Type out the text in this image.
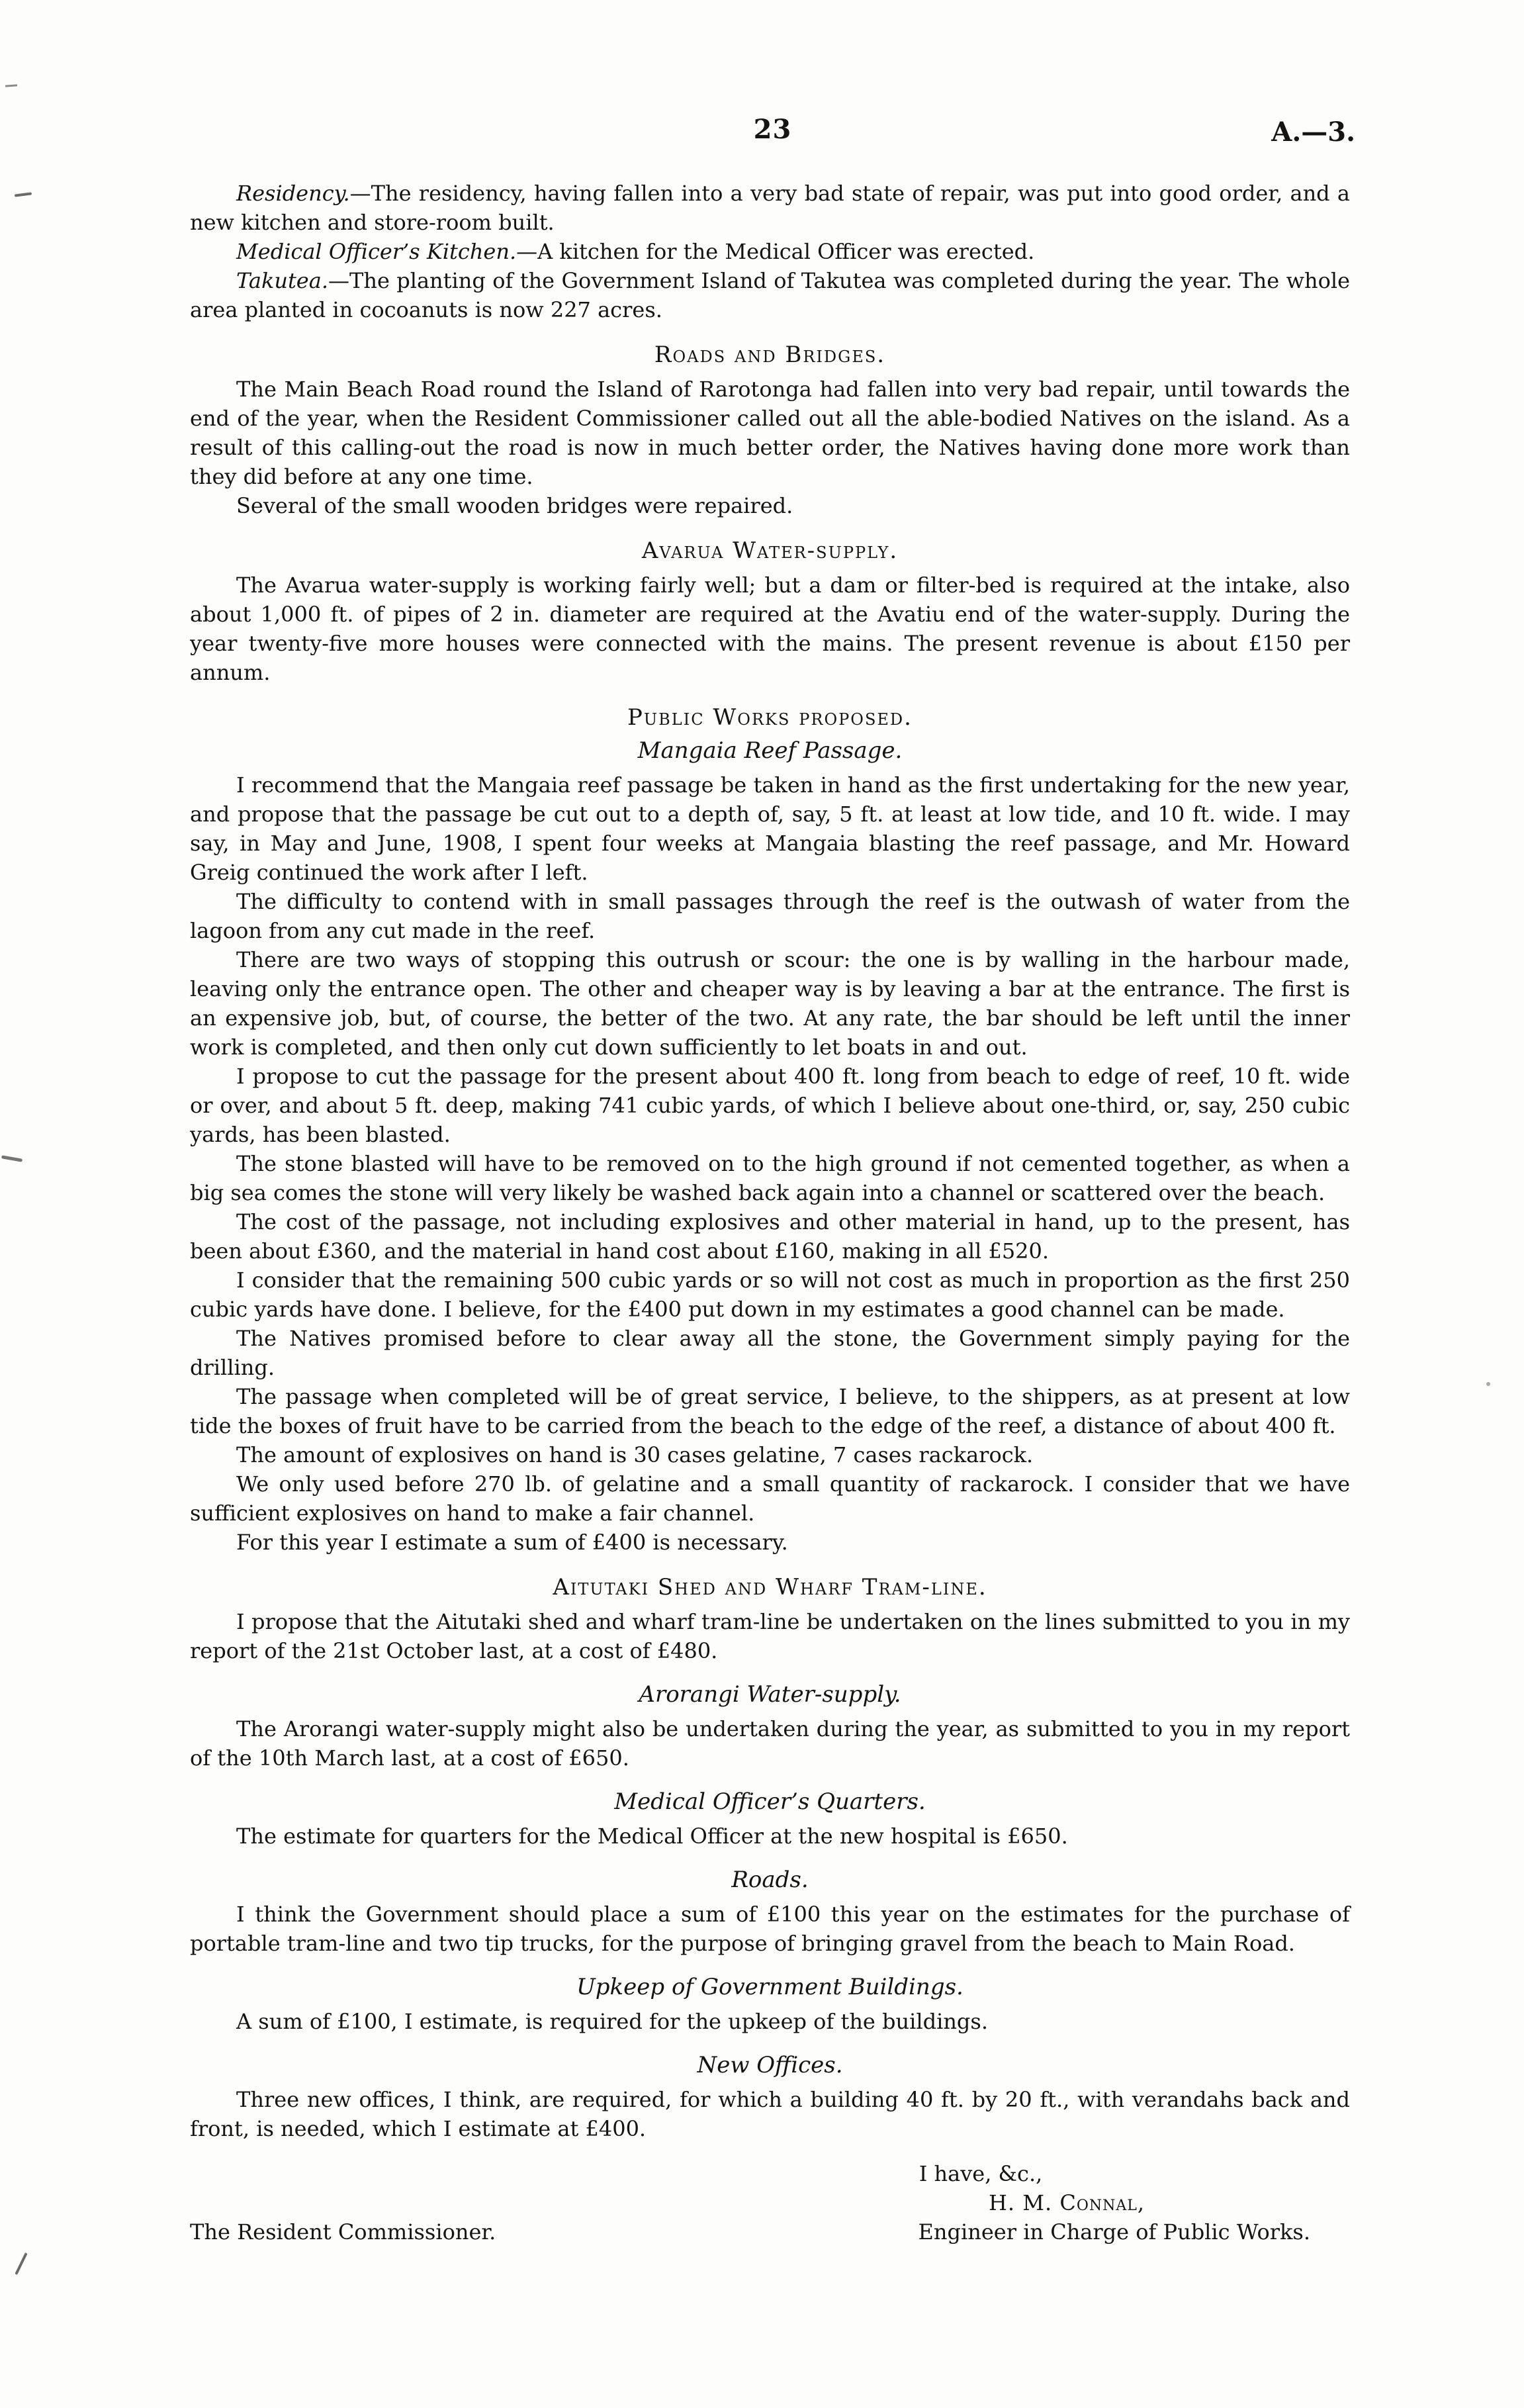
23	A.—3.

Residency.—The residency, having fallen into a very bad state of repair, was put into good order, and a new kitchen and store-room built.

Medical Officer’s Kitchen.—A kitchen for the Medical Officer was erected.

Takutea.—The planting of the Government Island of Takutea was completed during the year. The whole area planted in cocoanuts is now 227 acres.

Roads and Bridges.

The Main Beach Road round the Island of Rarotonga had fallen into very bad repair, until towards the end of the year, when the Resident Commissioner called out all the able-bodied Natives on the island. As a result of this calling-out the road is now in much better order, the Natives having done more work than they did before at any one time.

Several of the small wooden bridges were repaired.

Avarua Water-supply.

The Avarua water-supply is working fairly well; but a dam or filter-bed is required at the intake, also about 1,000 ft. of pipes of 2 in. diameter are required at the Avatiu end of the water-supply. During the year twenty-five more houses were connected with the mains. The present revenue is about £150 per annum.

Public Works proposed.

Mangaia Reef Passage.

I recommend that the Mangaia reef passage be taken in hand as the first undertaking for the new year, and propose that the passage be cut out to a depth of, say, 5 ft. at least at low tide, and 10 ft. wide. I may say, in May and June, 1908, I spent four weeks at Mangaia blasting the reef passage, and Mr. Howard Greig continued the work after I left.

The difficulty to contend with in small passages through the reef is the outwash of water from the lagoon from any cut made in the reef.

There are two ways of stopping this outrush or scour: the one is by walling in the harbour made, leaving only the entrance open. The other and cheaper way is by leaving a bar at the entrance. The first is an expensive job, but, of course, the better of the two. At any rate, the bar should be left until the inner work is completed, and then only cut down sufficiently to let boats in and out.

I propose to cut the passage for the present about 400 ft. long from beach to edge of reef, 10 ft. wide or over, and about 5 ft. deep, making 741 cubic yards, of which I believe about one-third, or, say, 250 cubic yards, has been blasted.

The stone blasted will have to be removed on to the high ground if not cemented together, as when a big sea comes the stone will very likely be washed back again into a channel or scattered over the beach.

The cost of the passage, not including explosives and other material in hand, up to the present, has been about £360, and the material in hand cost about £160, making in all £520.

I consider that the remaining 500 cubic yards or so will not cost as much in proportion as the first 250 cubic yards have done. I believe, for the £400 put down in my estimates a good channel can be made.

The Natives promised before to clear away all the stone, the Government simply paying for the drilling.

The passage when completed will be of great service, I believe, to the shippers, as at present at low tide the boxes of fruit have to be carried from the beach to the edge of the reef, a distance of about 400 ft.

The amount of explosives on hand is 30 cases gelatine, 7 cases rackarock.

We only used before 270 lb. of gelatine and a small quantity of rackarock. I consider that we have sufficient explosives on hand to make a fair channel.

For this year I estimate a sum of £400 is necessary.

Aitutaki Shed and Wharf Tram-line.

I propose that the Aitutaki shed and wharf tram-line be undertaken on the lines submitted to you in my report of the 21st October last, at a cost of £480.

Arorangi Water-supply.

The Arorangi water-supply might also be undertaken during the year, as submitted to you in my report of the 10th March last, at a cost of £650.

Medical Officer’s Quarters.

The estimate for quarters for the Medical Officer at the new hospital is £650.

Roads.

I think the Government should place a sum of £100 this year on the estimates for the purchase of portable tram-line and two tip trucks, for the purpose of bringing gravel from the beach to Main Road.

Upkeep of Government Buildings.

A sum of £100, I estimate, is required for the upkeep of the buildings.

New Offices.

Three new offices, I think, are required, for which a building 40 ft. by 20 ft., with verandahs back and front, is needed, which I estimate at £400.

I have, &c.,
H. M. Connal,
The Resident Commissioner.	Engineer in Charge of Public Works.
